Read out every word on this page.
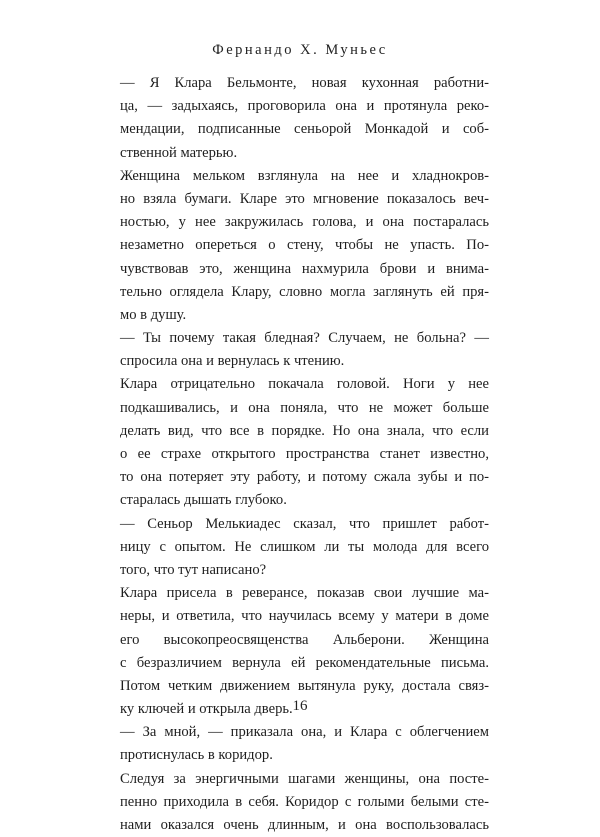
Фернандо Х. Муньес
— Я Клара Бельмонте, новая кухонная работни-
ца, — задыхаясь, проговорила она и протянула реко-
мендации, подписанные сеньорой Монкадой и соб-
ственной матерью.
Женщина мельком взглянула на нее и хладнокров-
но взяла бумаги. Кларе это мгновение показалось веч-
ностью, у нее закружилась голова, и она постаралась
незаметно опереться о стену, чтобы не упасть. По-
чувствовав это, женщина нахмурила брови и внима-
тельно оглядела Клару, словно могла заглянуть ей пря-
мо в душу.
— Ты почему такая бледная? Случаем, не больна? —
спросила она и вернулась к чтению.
Клара отрицательно покачала головой. Ноги у нее
подкашивались, и она поняла, что не может больше
делать вид, что все в порядке. Но она знала, что если
о ее страхе открытого пространства станет известно,
то она потеряет эту работу, и потому сжала зубы и по-
старалась дышать глубоко.
— Сеньор Мелькиадес сказал, что пришлет работ-
ницу с опытом. Не слишком ли ты молода для всего
того, что тут написано?
Клара присела в реверансе, показав свои лучшие ма-
неры, и ответила, что научилась всему у матери в доме
его высокопреосвященства Альберони. Женщина
с безразличием вернула ей рекомендательные письма.
Потом четким движением вытянула руку, достала связ-
ку ключей и открыла дверь.
— За мной, — приказала она, и Клара с облегчением
протиснулась в коридор.
Следуя за энергичными шагами женщины, она посте-
пенно приходила в себя. Коридор с голыми белыми сте-
нами оказался очень длинным, и она воспользовалась
16
